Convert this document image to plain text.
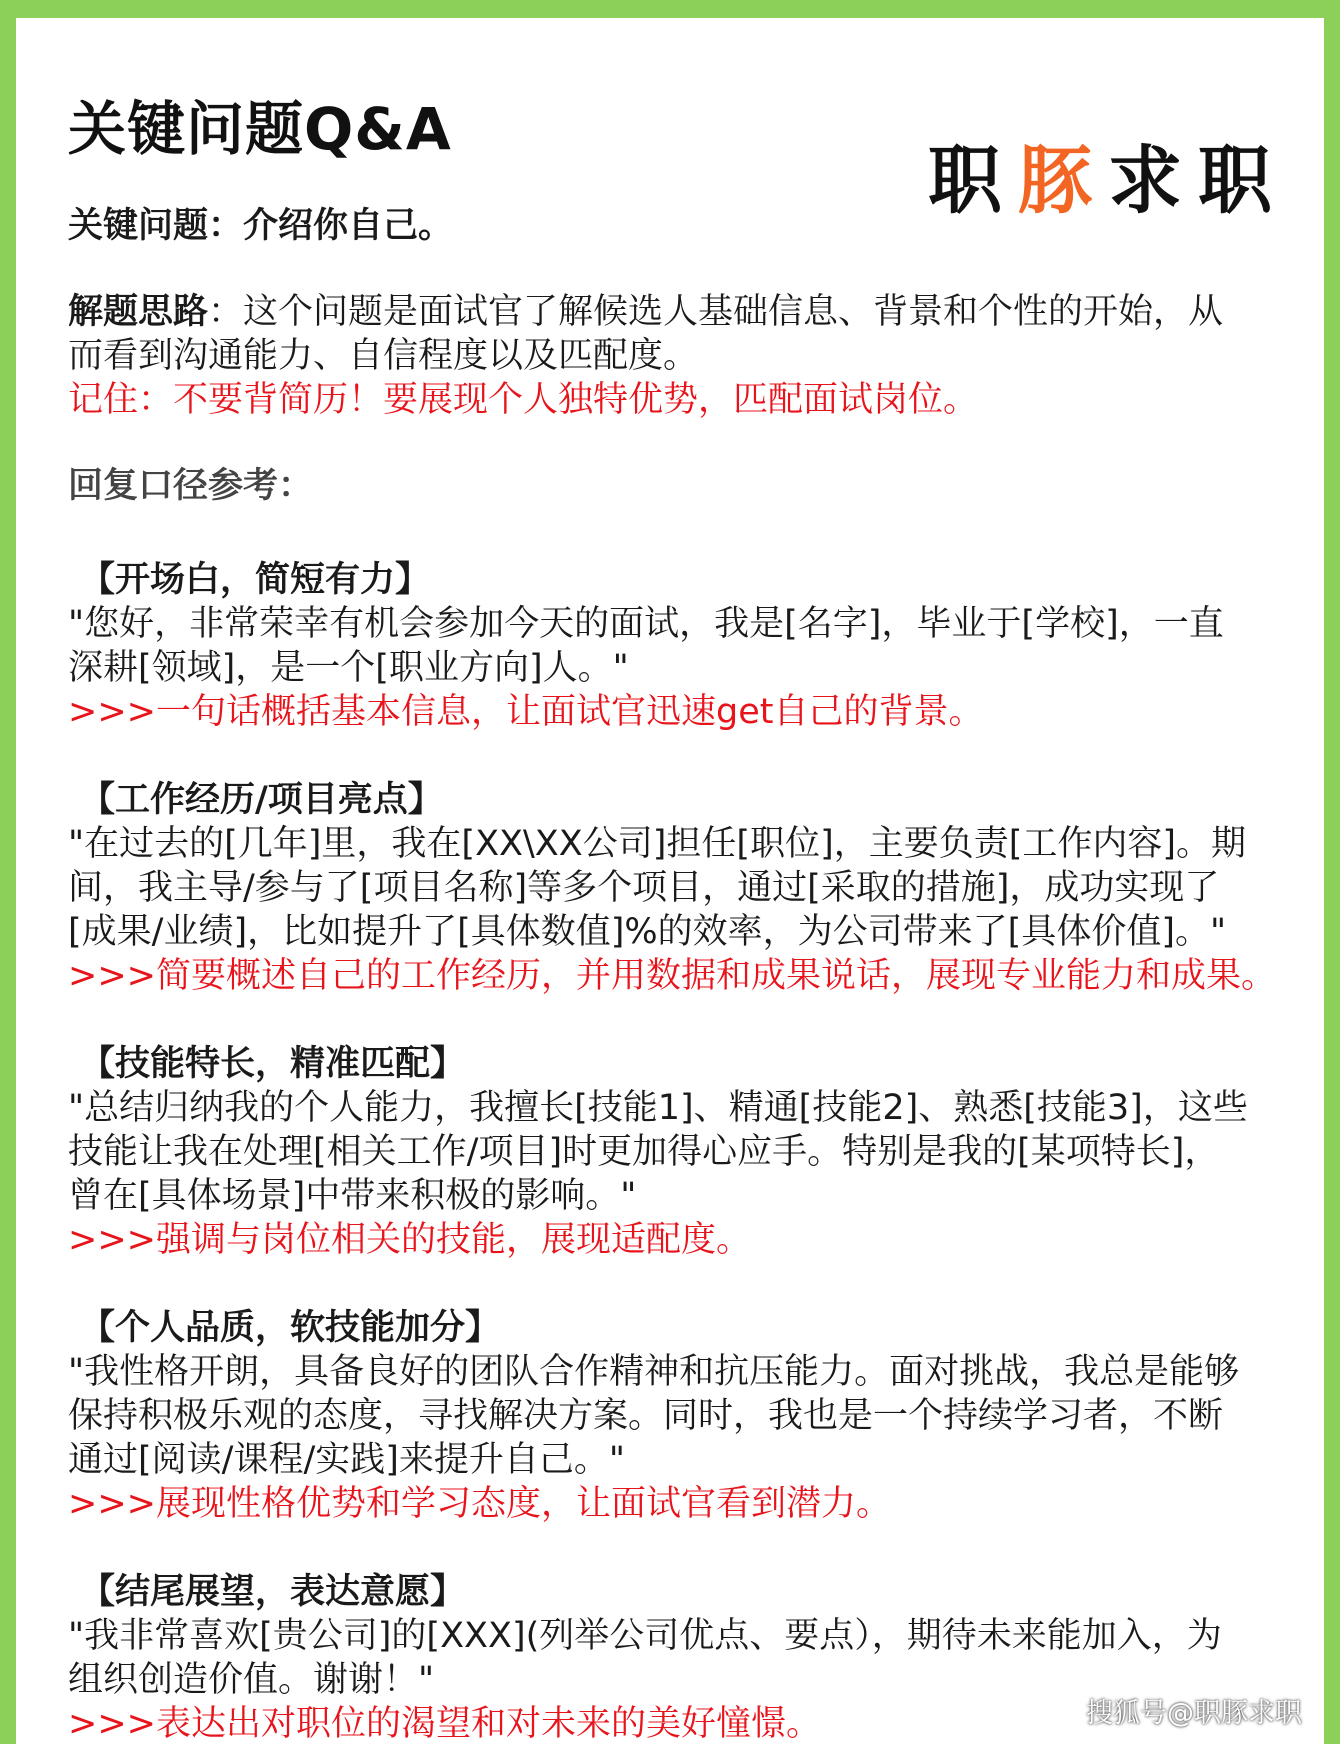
关键问题Q&A
职豚求职
关键问题：介绍你自己。
解题思路：这个问题是面试官了解候选人基础信息、背景和个性的开始，从
而看到沟通能力、自信程度以及匹配度。
记住：不要背简历！要展现个人独特优势，匹配面试岗位。
回复口径参考：
【开场白，简短有力】
"您好，非常荣幸有机会参加今天的面试，我是[名字]，毕业于[学校]，一直
深耕[领域]，是一个[职业方向]人。"
>>>一句话概括基本信息，让面试官迅速get自己的背景。
【工作经历/项目亮点】
"在过去的[几年]里，我在[XX\XX公司]担任[职位]，主要负责[工作内容]。期
间，我主导/参与了[项目名称]等多个项目，通过[采取的措施]，成功实现了
[成果/业绩]，比如提升了[具体数值]%的效率，为公司带来了[具体价值]。"
>>>简要概述自己的工作经历，并用数据和成果说话，展现专业能力和成果。
【技能特长，精准匹配】
"总结归纳我的个人能力，我擅长[技能1]、精通[技能2]、熟悉[技能3]，这些
技能让我在处理[相关工作/项目]时更加得心应手。特别是我的[某项特长]，
曾在[具体场景]中带来积极的影响。"
>>>强调与岗位相关的技能，展现适配度。
【个人品质，软技能加分】
"我性格开朗，具备良好的团队合作精神和抗压能力。面对挑战，我总是能够
保持积极乐观的态度，寻找解决方案。同时，我也是一个持续学习者，不断
通过[阅读/课程/实践]来提升自己。"
>>>展现性格优势和学习态度，让面试官看到潜力。
【结尾展望，表达意愿】
"我非常喜欢[贵公司]的[XXX](列举公司优点、要点），期待未来能加入，为
组织创造价值。谢谢！"
>>>表达出对职位的渴望和对未来的美好憧憬。	搜狐号@职豚求职
